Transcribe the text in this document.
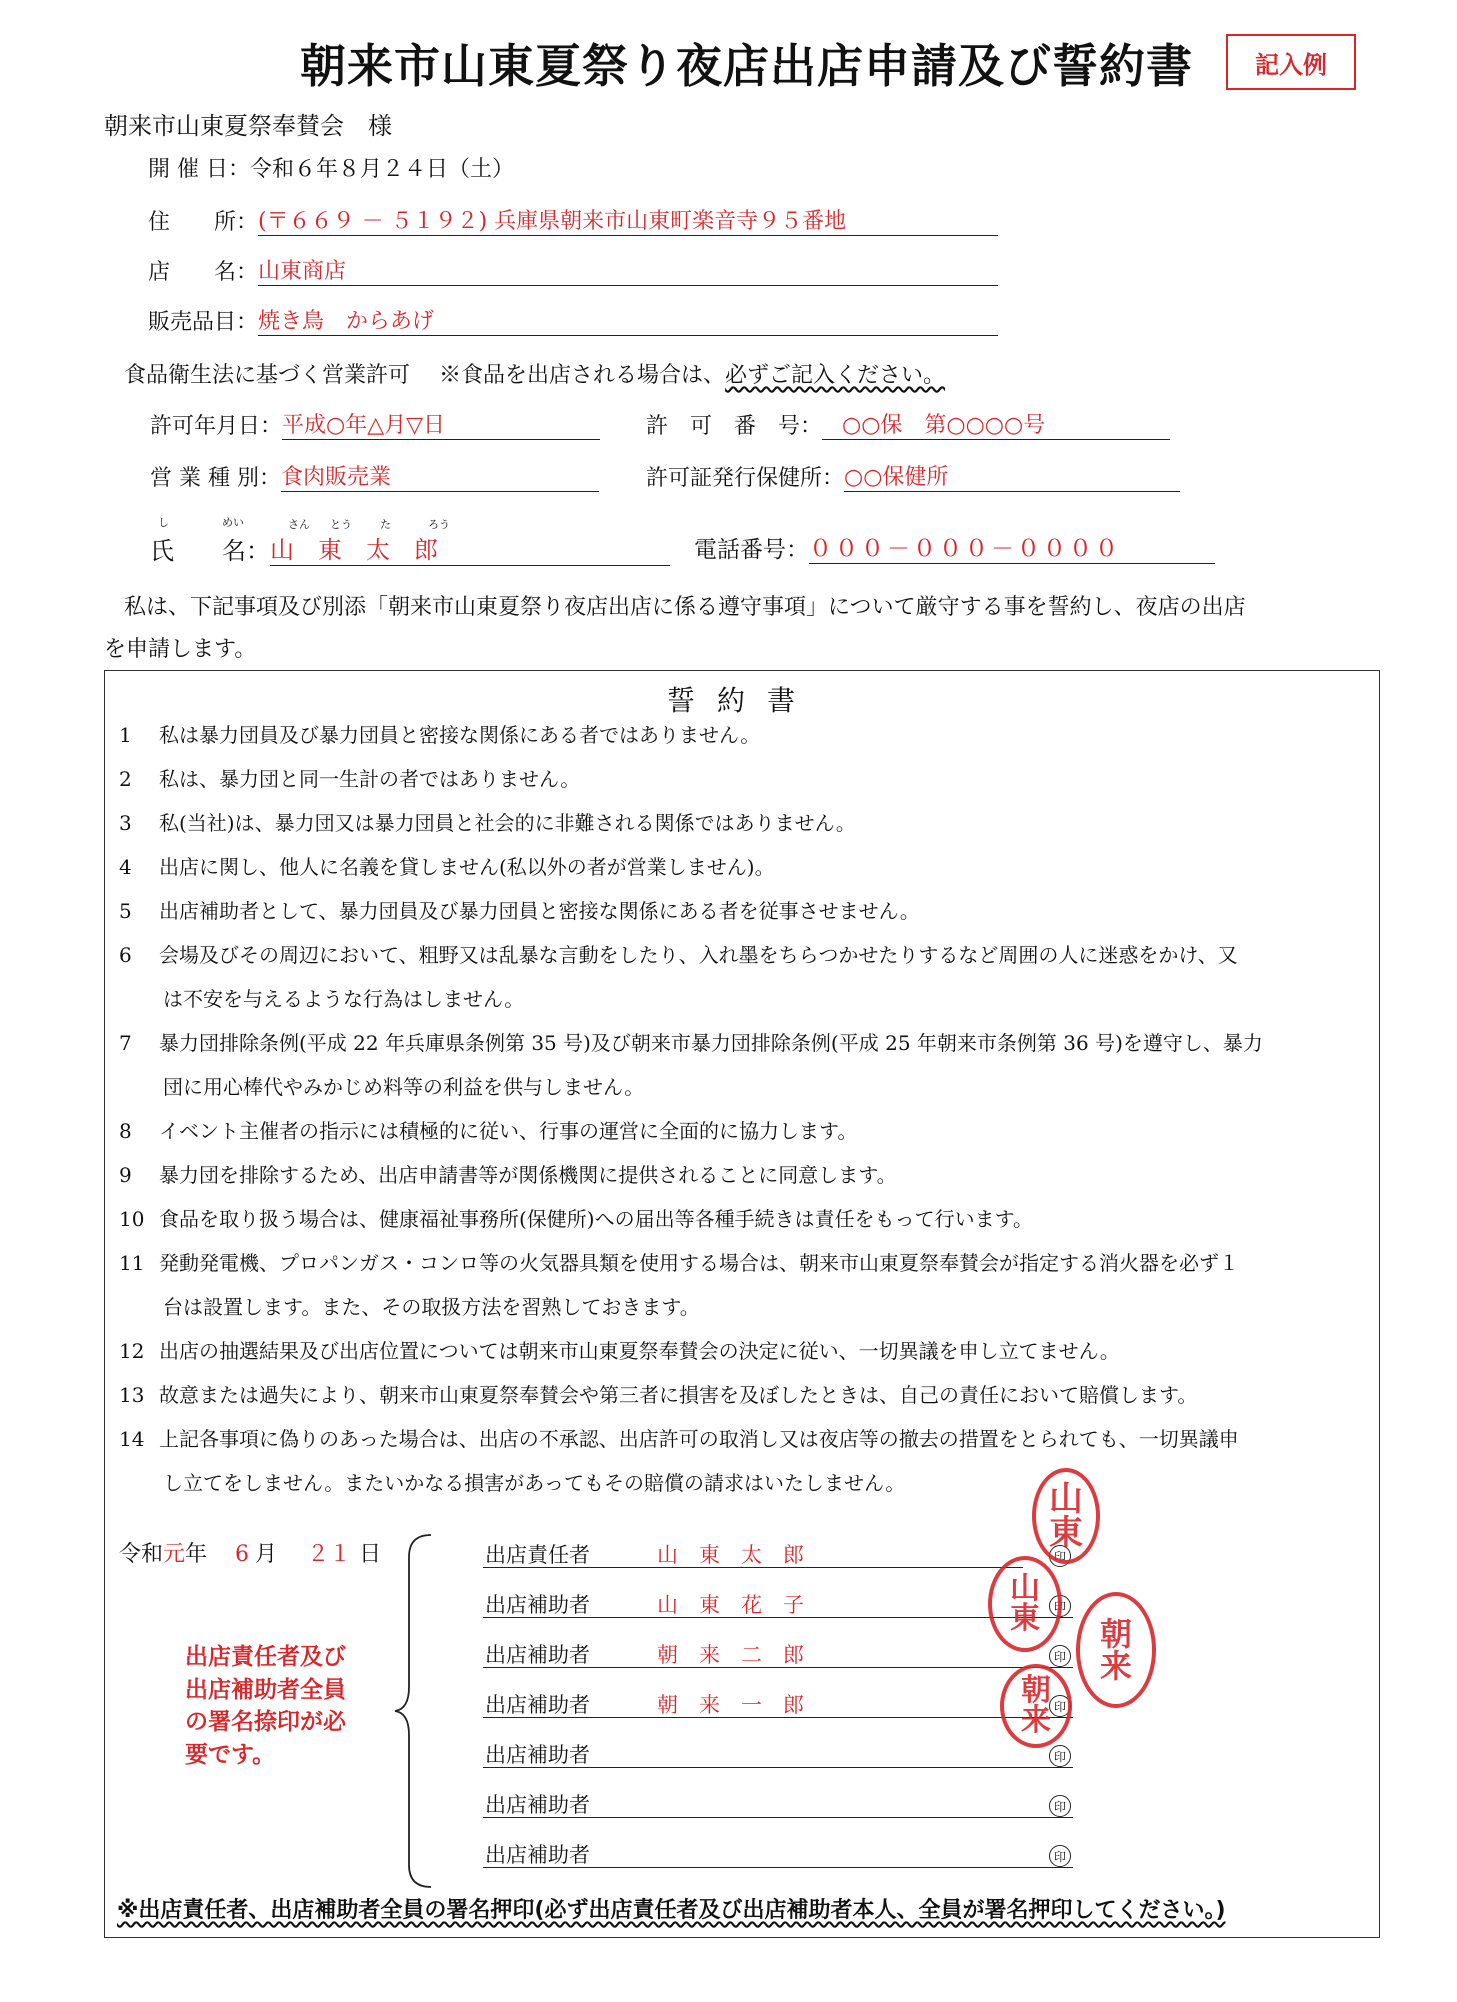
朝来市山東夏祭り夜店出店申請及び誓約書	記入例
朝来市山東夏祭奉賛会　様
開 催 日：令和６年８月２４日（土）
住　　所： (〒６６９ － ５１９２) 兵庫県朝来市山東町楽音寺９５番地
店　　名： 山東商店
販売品目： 焼き鳥　からあげ
食品衛生法に基づく営業許可 ※食品を出店される場合は、必ずご記入ください。
許可年月日： 平成○年△月▽日	許　可　番　号： ○○保　第○○○○号
営 業 種 別： 食肉販売業	許可証発行保健所： ○○保健所
し	めい	さん とう	た	ろう
氏　　名： 山　東　太　郎	電話番号： ０００－０００－００００
私は、下記事項及び別添「朝来市山東夏祭り夜店出店に係る遵守事項」について厳守する事を誓約し、夜店の出店
を申請します。
誓約書
1 私は暴力団員及び暴力団員と密接な関係にある者ではありません。
2 私は、暴力団と同一生計の者ではありません。
3 私(当社)は、暴力団又は暴力団員と社会的に非難される関係ではありません。
4 出店に関し、他人に名義を貸しません(私以外の者が営業しません)。
5 出店補助者として、暴力団員及び暴力団員と密接な関係にある者を従事させません。
6 会場及びその周辺において、粗野又は乱暴な言動をしたり、入れ墨をちらつかせたりするなど周囲の人に迷惑をかけ、又
は不安を与えるような行為はしません。
7 暴力団排除条例(平成 22 年兵庫県条例第 35 号)及び朝来市暴力団排除条例(平成 25 年朝来市条例第 36 号)を遵守し、暴力
団に用心棒代やみかじめ料等の利益を供与しません。
8 イベント主催者の指示には積極的に従い、行事の運営に全面的に協力します。
9 暴力団を排除するため、出店申請書等が関係機関に提供されることに同意します。
10 食品を取り扱う場合は、健康福祉事務所(保健所)への届出等各種手続きは責任をもって行います。
11 発動発電機、プロパンガス・コンロ等の火気器具類を使用する場合は、朝来市山東夏祭奉賛会が指定する消火器を必ず１
台は設置します。また、その取扱方法を習熟しておきます。
12 出店の抽選結果及び出店位置については朝来市山東夏祭奉賛会の決定に従い、一切異議を申し立てません。
13 故意または過失により、朝来市山東夏祭奉賛会や第三者に損害を及ぼしたときは、自己の責任において賠償します。
14 上記各事項に偽りのあった場合は、出店の不承認、出店許可の取消し又は夜店等の撤去の措置をとられても、一切異議申
し立てをしません。またいかなる損害があってもその賠償の請求はいたしません。
令和元年 6 月 ２１ 日	出店責任者	山　東　太　郎	印
出店補助者	山　東　花　子	印
出店補助者	朝　来　二　郎	印
出店補助者	朝　来　一　郎	印
出店補助者	印
出店補助者	印
出店補助者	印
出店責任者及び
出店補助者全員
の署名捺印が必
要です。
※出店責任者、出店補助者全員の署名押印(必ず出店責任者及び出店補助者本人、全員が署名押印してください。)
山
東
山
東 朝
来
朝
来
